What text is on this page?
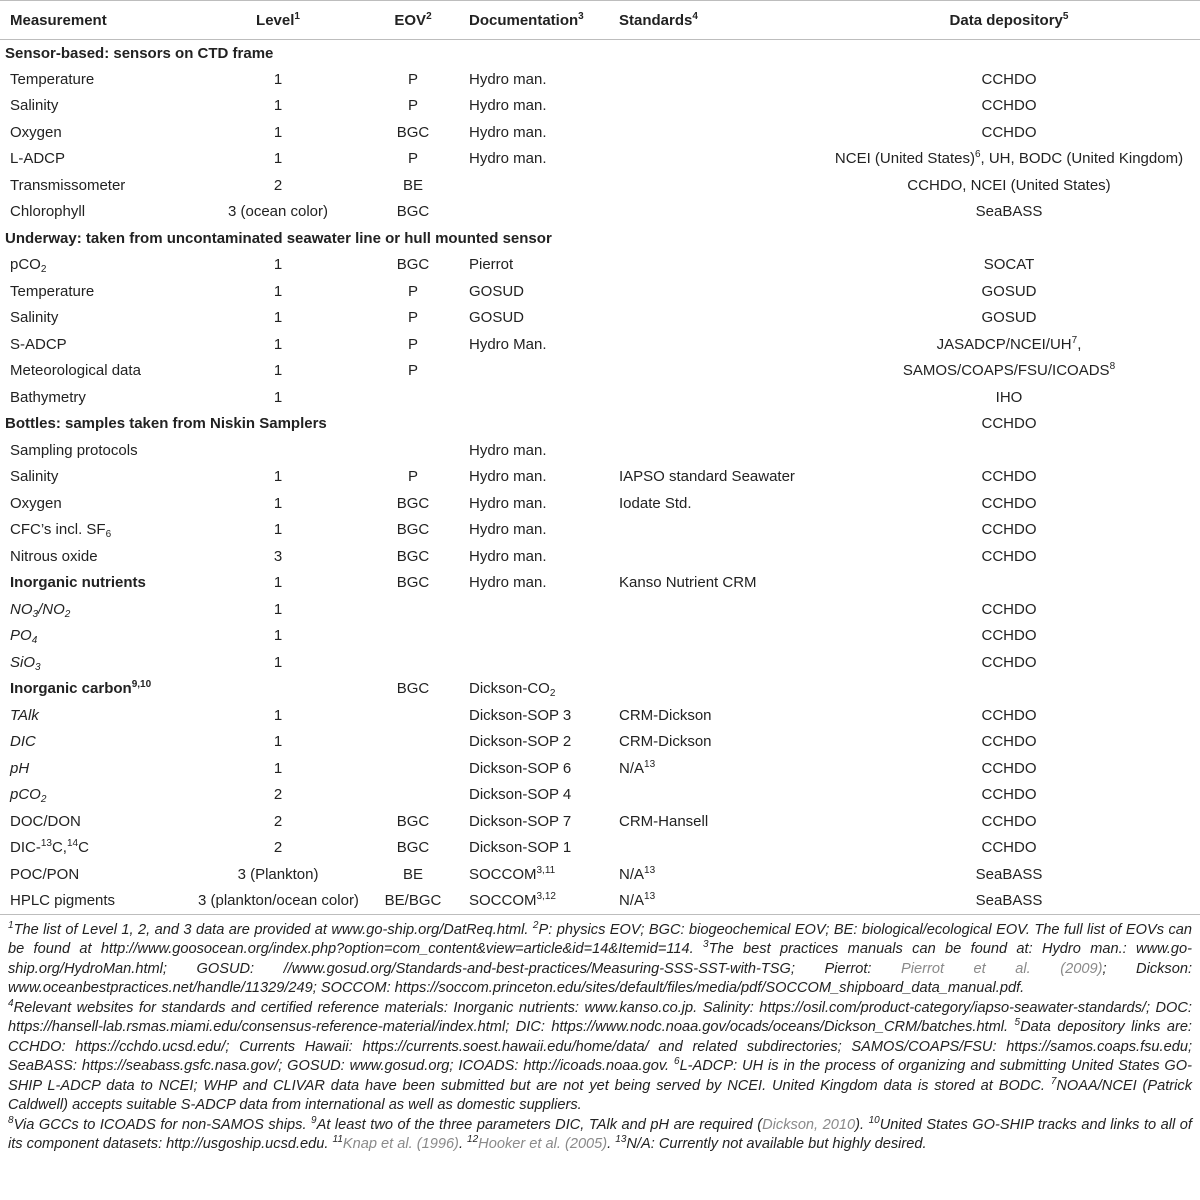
Measurement	Level$^1$	EOV$^2$	Documentation$^3$	Standards$^4$	Data depository$^5$
Sensor-based: sensors on CTD frame					
Temperature	1	P	Hydro man.		CCHDO
Salinity	1	P	Hydro man.		CCHDO
Oxygen	1	BGC	Hydro man.		CCHDO
L-ADCP	1	P	Hydro man.		NCEI (United States)$^6$, UH, BODC (United Kingdom)
Transmissometer	2	BE			CCHDO, NCEI (United States)
Chlorophyll	3 (ocean color)	BGC			SeaBASS
Underway: taken from uncontaminated seawater line or hull mounted sensor					
pCO$_2$	1	BGC	Pierrot		SOCAT
Temperature	1	P	GOSUD		GOSUD
Salinity	1	P	GOSUD		GOSUD
S-ADCP	1	P	Hydro Man.		JASADCP/$NCEI/UH^7$,
Meteorological data	1	P			SAMOS/COAPS/FSU/ICOADS$^8$
Bathymetry	1				IHO
Bottles: samples taken from Niskin Samplers					CCHDO
Sampling protocols			Hydro man.		
Salinity	1	P	Hydro man.	IAPSO standard Seawater	CCHDO
Oxygen	1	BGC	Hydro man.	Iodate Std.	CCHDO
CFC’s incl. $SF_6$	1	BGC	Hydro man.		CCHDO
Nitrous oxide	3	BGC	Hydro man.		CCHDO
Inorganic nutrients	1	BGC	Hydro man.	Kanso Nutrient CRM	
$NO_3/NO_2$	1				CCHDO
$PO_4$	1				CCHDO
SiO$_3$	1				CCHDO
Inorganic carbon$^{9,10}$		BGC	Dickson-$CO_2$		
TAlk	1		Dickson-SOP 3	CRM-Dickson	CCHDO
DIC	1		Dickson-SOP 2	CRM-Dickson	CCHDO
pH	1		Dickson-SOP 6	$N/A^{13}$	CCHDO
pCO$_2$	2		Dickson-SOP 4		CCHDO
DOC/DON	2	BGC	Dickson-SOP 7	CRM-Hansell	CCHDO
DIC-$^{13}$C,$^{14}$C	2	BGC	Dickson-SOP 1		CCHDO
POC/PON	3 (Plankton)	BE	SOCCOM$^{3,11}$	$N/A^{13}$	SeaBASS
HPLC pigments	3 (plankton/ocean color)	BE/BGC	SOCCOM$^{3,12}$	$N/A^{13}$	SeaBASS

$^1$The list of Level 1, 2, and 3 data are provided at www.go-ship.org/DatReq.html. $^2$P: physics EOV; BGC: biogeochemical EOV; BE: biological/ecological EOV. The full list of EOVs can be found at http://www.goosocean.org/index.php?option=com_content&view=article&id=14&Itemid=114. $^3$The best practices manuals can be found at: Hydro man.: www.go-ship.org/HydroMan.html; GOSUD: //www.gosud.org/Standards-and-best-practices/Measuring-SSS-SST-with-TSG; Pierrot: Pierrot et al. (2009); Dickson: www.oceanbestpractices.net/handle/11329/249; SOCCOM: https://soccom.princeton.edu/sites/default/files/media/pdf/SOCCOM_shipboard_data_manual.pdf.

$^4$Relevant websites for standards and certified reference materials: Inorganic nutrients: www.kanso.co.jp. Salinity: https://osil.com/product-category/iapso-seawater-standards/; DOC: https://hansell-lab.rsmas.miami.edu/consensus-reference-material/index.html; DIC: https://www.nodc.noaa.gov/ocads/oceans/Dickson_CRM/batches.html. $^5$Data depository links are: CCHDO: https://cchdo.ucsd.edu/; Currents Hawaii: https://currents.soest.hawaii.edu/home/data/ and related subdirectories; SAMOS/COAPS/FSU: https://samos.coaps.fsu.edu; SeaBASS: https://seabass.gsfc.nasa.gov/; GOSUD: www.gosud.org; ICOADS: http://icoads.noaa.gov. $^6$L-ADCP: UH is in the process of organizing and submitting United States GO-SHIP L-ADCP data to NCEI; WHP and CLIVAR data have been submitted but are not yet being served by NCEI. United Kingdom data is stored at BODC. $^7$NOAA/NCEI (Patrick Caldwell) accepts suitable S-ADCP data from international as well as domestic suppliers.

$^8$Via GCCs to ICOADS for non-SAMOS ships. $^9$At least two of the three parameters DIC, TAlk and pH are required (Dickson, 2010). $^{10}$United States GO-SHIP tracks and links to all of its component datasets: http://usgoship.ucsd.edu. $^{11}$Knap et al. (1996). $^{12}$Hooker et al. (2005). $^{13}$N/A: Currently not available but highly desired.
